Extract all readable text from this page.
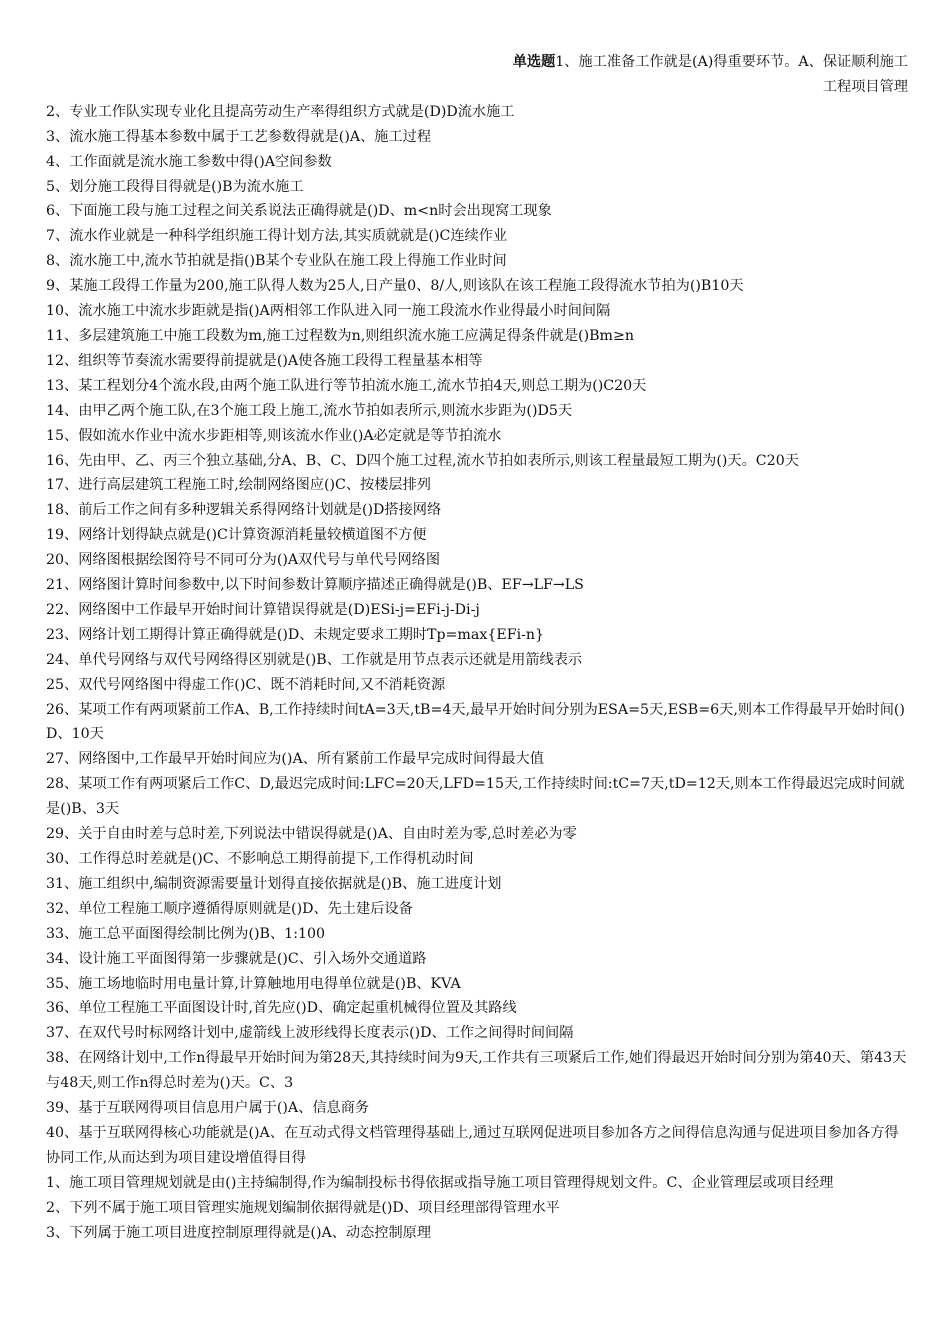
单选题1、施工准备工作就是(A)得重要环节。A、保证顺利施工
工程项目管理
2、专业工作队实现专业化且提高劳动生产率得组织方式就是(D)D流水施工
3、流水施工得基本参数中属于工艺参数得就是()A、施工过程
4、工作面就是流水施工参数中得()A空间参数
5、划分施工段得目得就是()B为流水施工
6、下面施工段与施工过程之间关系说法正确得就是()D、m<n时会出现窝工现象
7、流水作业就是一种科学组织施工得计划方法,其实质就就是()C连续作业
8、流水施工中,流水节拍就是指()B某个专业队在施工段上得施工作业时间
9、某施工段得工作量为200,施工队得人数为25人,日产量0、8/人,则该队在该工程施工段得流水节拍为()B10天
10、流水施工中流水步距就是指()A两相邻工作队进入同一施工段流水作业得最小时间间隔
11、多层建筑施工中施工段数为m,施工过程数为n,则组织流水施工应满足得条件就是()Bm≥n
12、组织等节奏流水需要得前提就是()A使各施工段得工程量基本相等
13、某工程划分4个流水段,由两个施工队进行等节拍流水施工,流水节拍4天,则总工期为()C20天
14、由甲乙两个施工队,在3个施工段上施工,流水节拍如表所示,则流水步距为()D5天
15、假如流水作业中流水步距相等,则该流水作业()A必定就是等节拍流水
16、先由甲、乙、丙三个独立基础,分A、B、C、D四个施工过程,流水节拍如表所示,则该工程量最短工期为()天。C20天
17、进行高层建筑工程施工时,绘制网络图应()C、按楼层排列
18、前后工作之间有多种逻辑关系得网络计划就是()D搭接网络
19、网络计划得缺点就是()C计算资源消耗量较横道图不方便
20、网络图根据绘图符号不同可分为()A双代号与单代号网络图
21、网络图计算时间参数中,以下时间参数计算顺序描述正确得就是()B、EF→LF→LS
22、网络图中工作最早开始时间计算错误得就是(D)ESi-j=EFi-j-Di-j
23、网络计划工期得计算正确得就是()D、未规定要求工期时Tp=max{EFi-n}
24、单代号网络与双代号网络得区别就是()B、工作就是用节点表示还就是用箭线表示
25、双代号网络图中得虚工作()C、既不消耗时间,又不消耗资源
26、某项工作有两项紧前工作A、B,工作持续时间tA=3天,tB=4天,最早开始时间分别为ESA=5天,ESB=6天,则本工作得最早开始时间()D、10天
27、网络图中,工作最早开始时间应为()A、所有紧前工作最早完成时间得最大值
28、某项工作有两项紧后工作C、D,最迟完成时间:LFC=20天,LFD=15天,工作持续时间:tC=7天,tD=12天,则本工作得最迟完成时间就是()B、3天
29、关于自由时差与总时差,下列说法中错误得就是()A、自由时差为零,总时差必为零
30、工作得总时差就是()C、不影响总工期得前提下,工作得机动时间
31、施工组织中,编制资源需要量计划得直接依据就是()B、施工进度计划
32、单位工程施工顺序遵循得原则就是()D、先土建后设备
33、施工总平面图得绘制比例为()B、1:100
34、设计施工平面图得第一步骤就是()C、引入场外交通道路
35、施工场地临时用电量计算,计算触地用电得单位就是()B、KVA
36、单位工程施工平面图设计时,首先应()D、确定起重机械得位置及其路线
37、在双代号时标网络计划中,虚箭线上波形线得长度表示()D、工作之间得时间间隔
38、在网络计划中,工作n得最早开始时间为第28天,其持续时间为9天,工作共有三项紧后工作,她们得最迟开始时间分别为第40天、第43天与48天,则工作n得总时差为()天。C、3
39、基于互联网得项目信息用户属于()A、信息商务
40、基于互联网得核心功能就是()A、在互动式得文档管理得基础上,通过互联网促进项目参加各方之间得信息沟通与促进项目参加各方得协同工作,从而达到为项目建设增值得目得
1、施工项目管理规划就是由()主持编制得,作为编制投标书得依据或指导施工项目管理得规划文件。C、企业管理层或项目经理
2、下列不属于施工项目管理实施规划编制依据得就是()D、项目经理部得管理水平
3、下列属于施工项目进度控制原理得就是()A、动态控制原理
